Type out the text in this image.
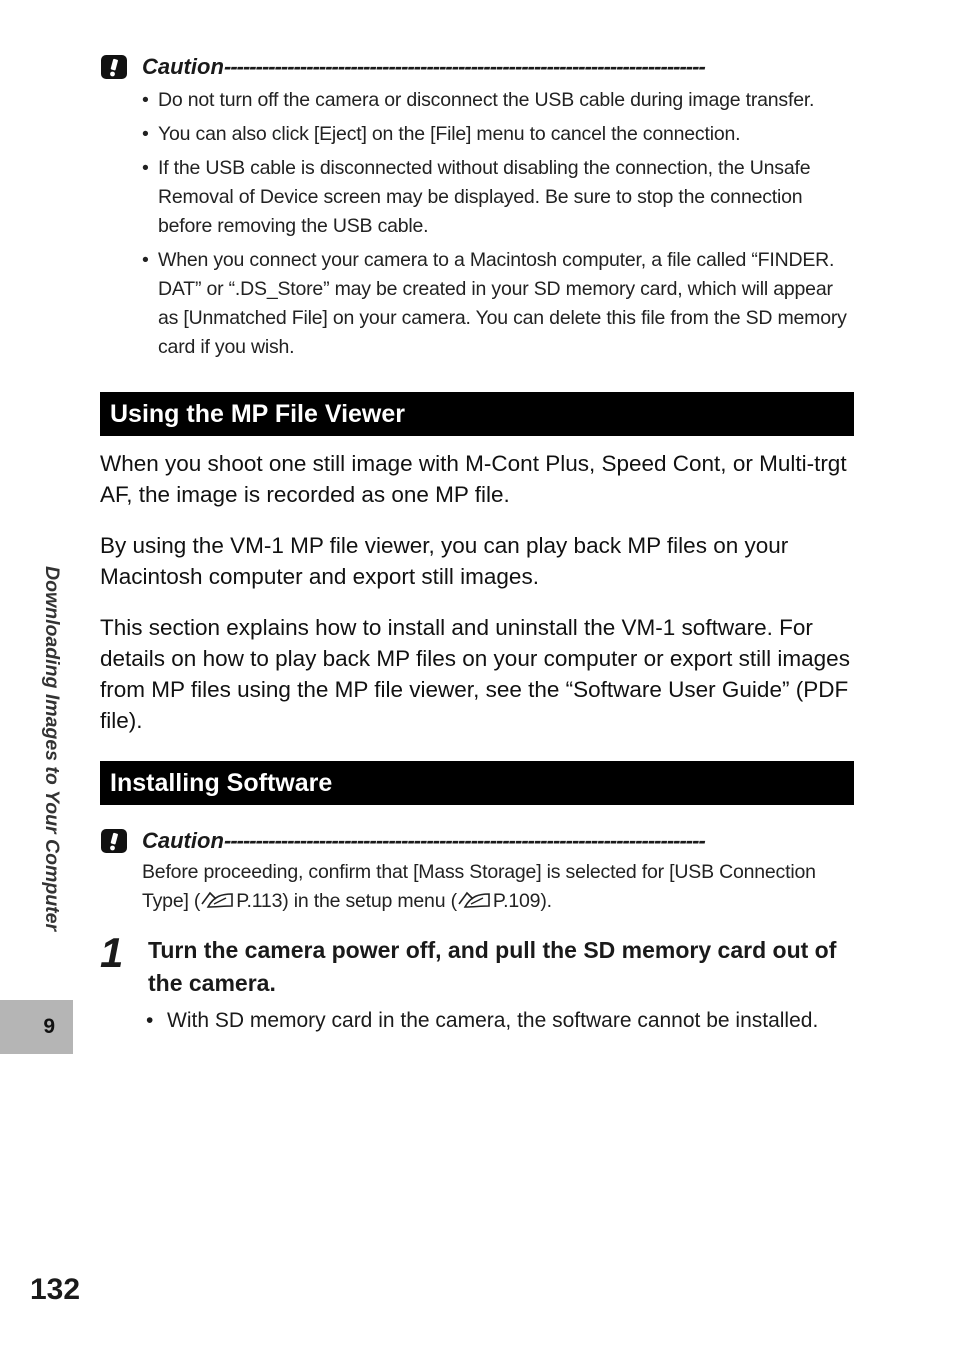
Caution ----------------------------------------------------------------------------
• Do not turn off the camera or disconnect the USB cable during image transfer.
• You can also click [Eject] on the [File] menu to cancel the connection.
• If the USB cable is disconnected without disabling the connection, the Unsafe Removal of Device screen may be displayed. Be sure to stop the connection before removing the USB cable.
• When you connect your camera to a Macintosh computer, a file called “FINDER. DAT” or “.DS_Store” may be created in your SD memory card, which will appear as [Unmatched File] on your camera. You can delete this file from the SD memory card if you wish.
Using the MP File Viewer

When you shoot one still image with M-Cont Plus, Speed Cont, or Multi-trgt AF, the image is recorded as one MP file.

By using the VM-1 MP file viewer, you can play back MP files on your Macintosh computer and export still images.

This section explains how to install and uninstall the VM-1 software. For details on how to play back MP files on your computer or export still images from MP files using the MP file viewer, see the “Software User Guide” (PDF file).

Installing Software
Caution ----------------------------------------------------------------------------

Before proceeding, confirm that [Mass Storage] is selected for [USB Connection Type] ( P.113) in the setup menu ( P.109).

1 Turn the camera power off, and pull the SD memory card out of the camera.

• With SD memory card in the camera, the software cannot be installed.

Downloading Images to Your Computer
9
132
